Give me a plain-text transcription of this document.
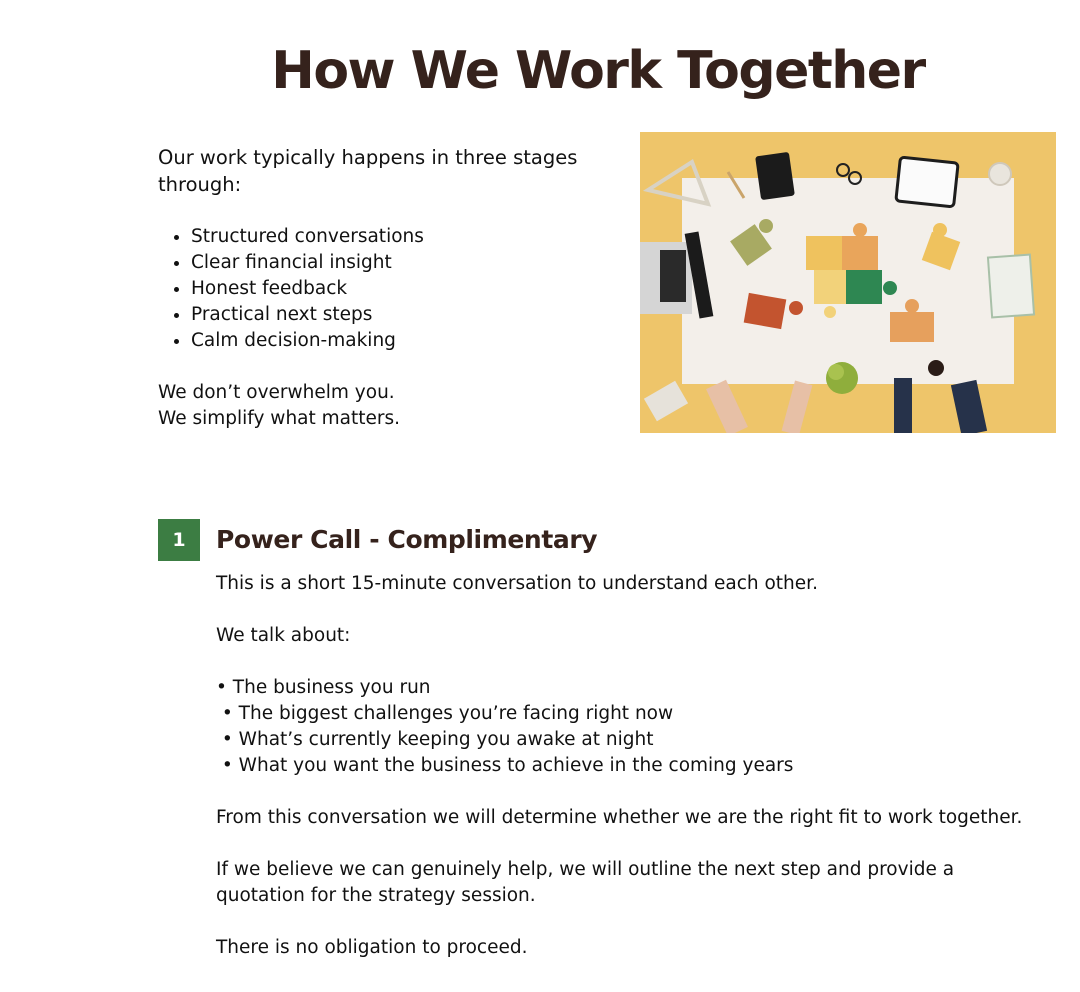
How We Work Together

Our work typically happens in three stages through:

• Structured conversations
• Clear financial insight
• Honest feedback
• Practical next steps
• Calm decision-making
We don’t overwhelm you.
We simplify what matters.
1	Power Call - Complimentary

This is a short 15-minute conversation to understand each other.

We talk about:

• The business you run
• The biggest challenges you’re facing right now
• What’s currently keeping you awake at night
• What you want the business to achieve in the coming years

From this conversation we will determine whether we are the right fit to work together.

If we believe we can genuinely help, we will outline the next step and provide a quotation for the strategy session.

There is no obligation to proceed.
